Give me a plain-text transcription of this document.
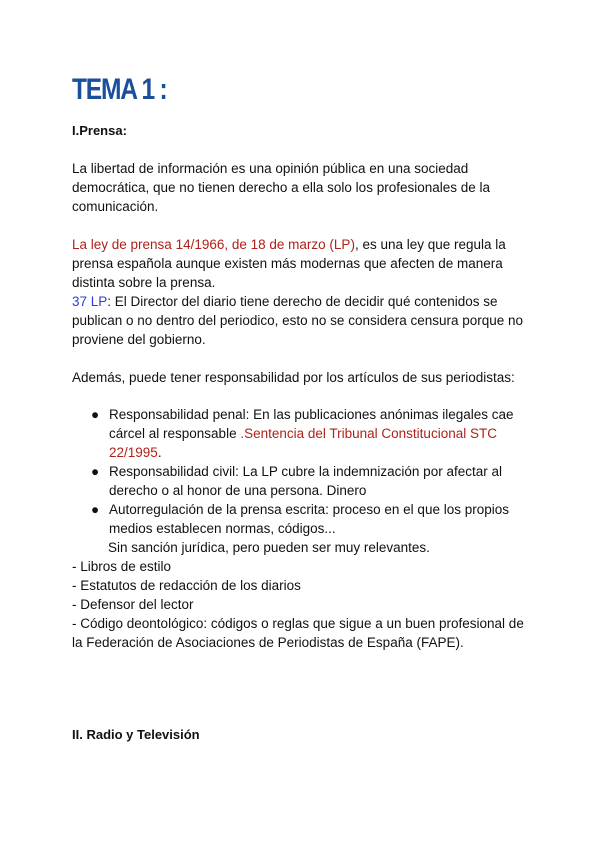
TEMA 1 :
I.Prensa:

La libertad de información es una opinión pública en una sociedad democrática, que no tienen derecho a ella solo los profesionales de la comunicación.

La ley de prensa 14/1966, de 18 de marzo (LP), es una ley que regula la prensa española aunque existen más modernas que afecten de manera distinta sobre la prensa.

37 LP: El Director del diario tiene derecho de decidir qué contenidos se publican o no dentro del periodico, esto no se considera censura porque no proviene del gobierno.

Además, puede tener responsabilidad por los artículos de sus periodistas:

● Responsabilidad penal: En las publicaciones anónimas ilegales cae cárcel al responsable .Sentencia del Tribunal Constitucional STC 22/1995.
● Responsabilidad civil: La LP cubre la indemnización por afectar al derecho o al honor de una persona. Dinero
● Autorregulación de la prensa escrita: proceso en el que los propios medios establecen normas, códigos...
Sin sanción jurídica, pero pueden ser muy relevantes.
- Libros de estilo
- Estatutos de redacción de los diarios
- Defensor del lector
- Código deontológico: códigos o reglas que sigue a un buen profesional de la Federación de Asociaciones de Periodistas de España (FAPE).
II. Radio y Televisión
